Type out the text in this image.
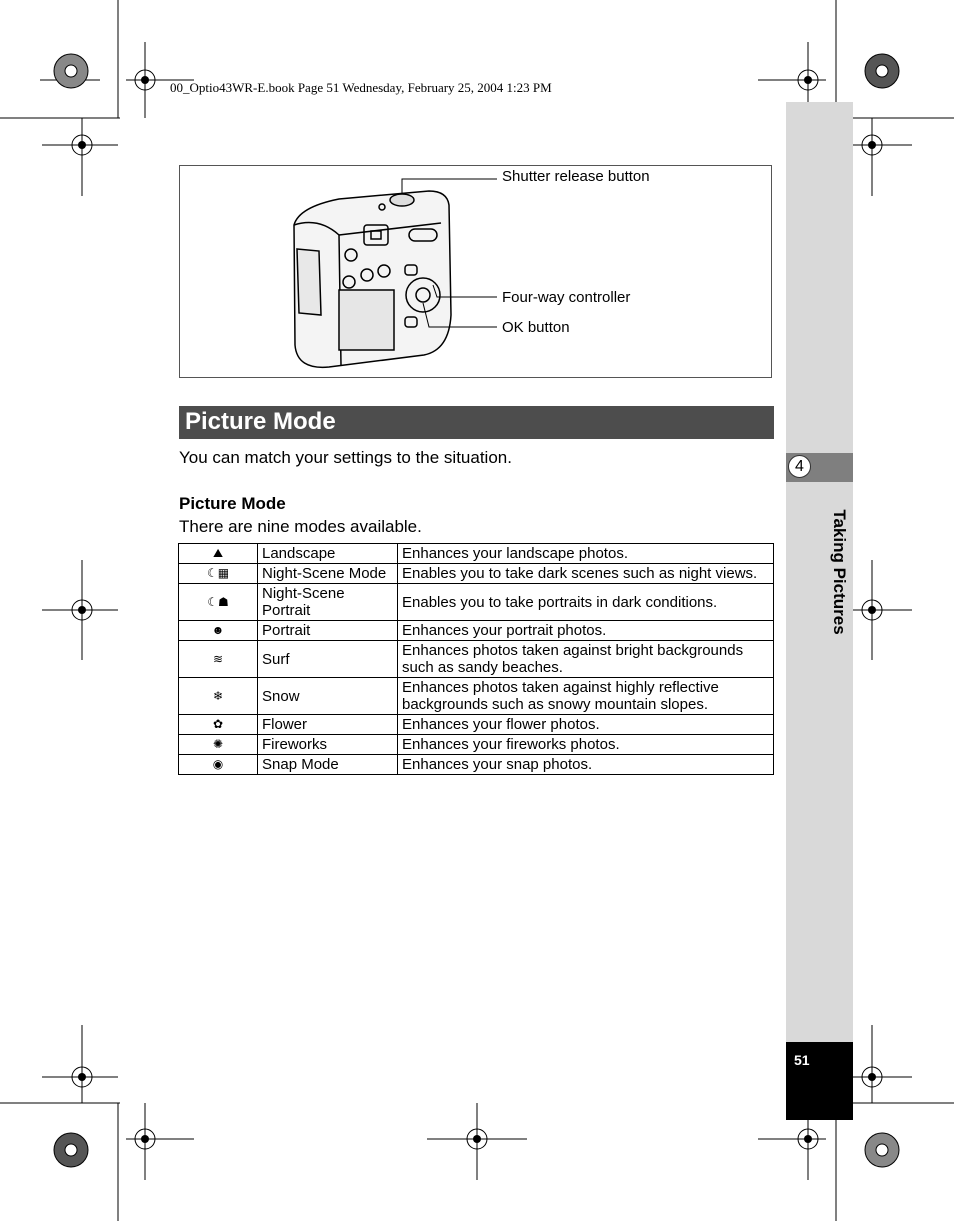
00_Optio43WR-E.book Page 51 Wednesday, February 25, 2004 1:23 PM
4
Taking Pictures
51
Shutter release button
Four-way controller
OK button
Picture Mode
You can match your settings to the situation.
Picture Mode
There are nine modes available.
⛰	Landscape	Enhances your landscape photos.
☾▦	Night-Scene Mode	Enables you to take dark scenes such as night views.
☾☗	Night-Scene Portrait	Enables you to take portraits in dark conditions.
☻	Portrait	Enhances your portrait photos.
≋	Surf	Enhances photos taken against bright backgrounds such as sandy beaches.
❄	Snow	Enhances photos taken against highly reflective backgrounds such as snowy mountain slopes.
✿	Flower	Enhances your flower photos.
✺	Fireworks	Enhances your fireworks photos.
◉	Snap Mode	Enhances your snap photos.
